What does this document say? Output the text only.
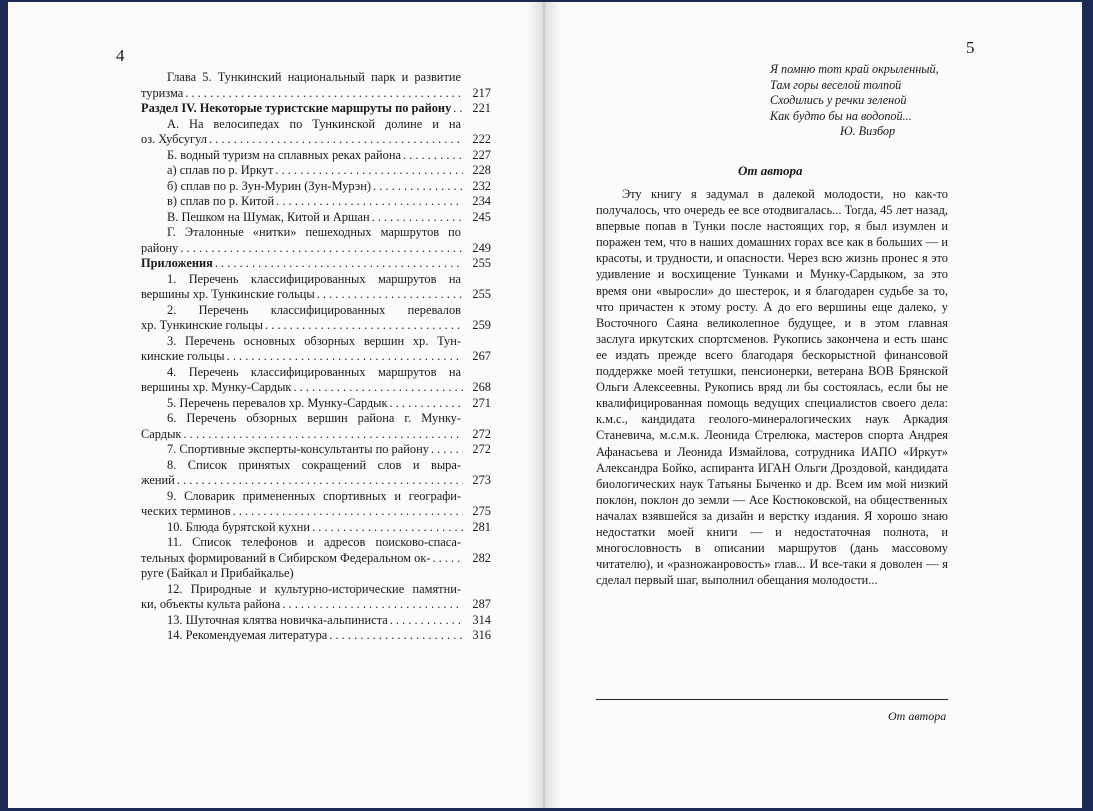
4
Глава 5. Тункинский национальный парк и развитие
туризма . . .	217
Раздел IV. Некоторые туристские маршруты по району . . .	221
А. На велосипедах по Тункинской долине и на
оз. Хубсугул . . .	222
Б. водный туризм на сплавных реках района . . .	227
а) сплав по р. Иркут . . .	228
б) сплав по р. Зун-Мурин (Зун-Мурэн) . . .	232
в) сплав по р. Китой . . .	234
В. Пешком на Шумак, Китой и Аршан . . .	245
Г. Эталонные «нитки» пешеходных маршрутов по
району . . .	249
Приложения . . .	255
1. Перечень классифицированных маршрутов на
вершины хр. Тункинские гольцы . . .	255
2. Перечень классифицированных перевалов
хр. Тункинские гольцы . . .	259
3. Перечень основных обзорных вершин хр. Тун-
кинские гольцы . . .	267
4. Перечень классифицированных маршрутов на
вершины хр. Мунку-Сардык . . .	268
5. Перечень перевалов хр. Мунку-Сардык . . .	271
6. Перечень обзорных вершин района г. Мунку-
Сардык . . .	272
7. Спортивные эксперты-консультанты по району . . .	272
8. Список принятых сокращений слов и выра-
жений . . .	273
9. Словарик примененных спортивных и географи-
ческих терминов . . .	275
10. Блюда бурятской кухни . . .	281
11. Список телефонов и адресов поисково-спаса-
тельных формирований в Сибирском Федеральном ок- . . .	282
руге (Байкал и Прибайкалье)
12. Природные и культурно-исторические памятни-
ки, объекты культа района . . .	287
13. Шуточная клятва новичка-альпиниста . . .	314
14. Рекомендуемая литература . . .	316
5
Я помню тот край окрыленный,
Там горы веселой толпой
Сходились у речки зеленой
Как будто бы на водопой...
Ю. Визбор
От автора

Эту книгу я задумал в далекой молодости, но как-то получалось, что очередь ее все отодвигалась... Тогда, 45 лет назад, впервые попав в Тунки после настоящих гор, я был изумлен и поражен тем, что в наших домашних горах все как в больших — и красоты, и трудности, и опасности. Через всю жизнь пронес я это удивление и восхищение Тунками и Мунку-Сардыком, за это время они «выросли» до шестерок, и я благодарен судьбе за то, что причастен к этому росту. А до его вершины еще далеко, у Восточного Саяна великолепное будущее, и в этом главная заслуга иркутских спортсменов. Рукопись закончена и есть шанс ее издать прежде всего благодаря бескорыстной финансовой поддержке моей тетушки, пенсионерки, ветерана ВОВ Брянской Ольги Алексеевны. Рукопись вряд ли бы состоялась, если бы не квалифицированная помощь ведущих специалистов своего дела: к.м.с., кандидата геолого-минералогических наук Аркадия Станевича, м.с.м.к. Леонида Стрелюка, мастеров спорта Андрея Афанасьева и Леонида Измайлова, сотрудника ИАПО «Иркут» Александра Бойко, аспиранта ИГАН Ольги Дроздовой, кандидата биологических наук Татьяны Быченко и др. Всем им мой низкий поклон, поклон до земли — Асе Костюковской, на общественных началах взявшейся за дизайн и верстку издания. Я хорошо знаю недостатки моей книги — и недостаточная полнота, и многословность в описании маршрутов (дань массовому читателю), и «разножанровость» глав... И все-таки я доволен — я сделал первый шаг, выполнил обещания молодости...

От автора
